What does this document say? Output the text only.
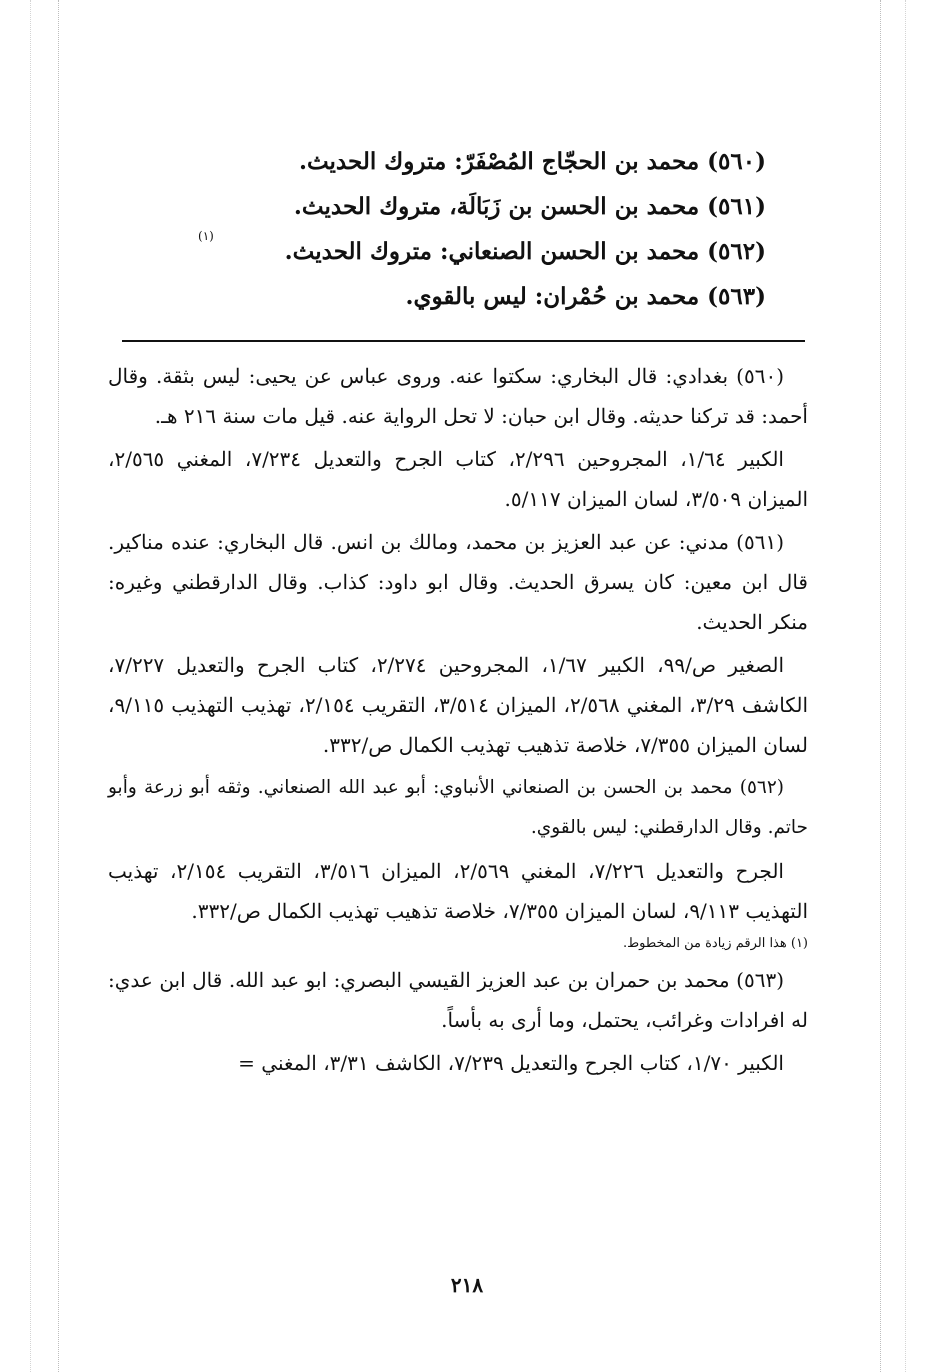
(٥٦٠) محمد بن الحجّاج المُصْفَرّ: متروك الحديث.
(٥٦١) محمد بن الحسن بن زَبَالَة، متروك الحديث.
(٥٦٢) محمد بن الحسن الصنعاني: متروك الحديث.
(١)
(٥٦٣) محمد بن حُمْران: ليس بالقوي.

(٥٦٠) بغدادي: قال البخاري: سكتوا عنه. وروى عباس عن يحيى: ليس بثقة. وقال أحمد: قد تركنا حديثه. وقال ابن حبان: لا تحل الرواية عنه. قيل مات سنة ٢١٦ هـ.

الكبير ١/٦٤، المجروحين ٢/٢٩٦، كتاب الجرح والتعديل ٧/٢٣٤، المغني ٢/٥٦٥، الميزان ٣/٥٠٩، لسان الميزان ٥/١١٧.

(٥٦١) مدني: عن عبد العزيز بن محمد، ومالك بن انس. قال البخاري: عنده مناكير. قال ابن معين: كان يسرق الحديث. وقال ابو داود: كذاب. وقال الدارقطني وغيره: منكر الحديث.

الصغير ص/٩٩، الكبير ١/٦٧، المجروحين ٢/٢٧٤، كتاب الجرح والتعديل ٧/٢٢٧، الكاشف ٣/٢٩، المغني ٢/٥٦٨، الميزان ٣/٥١٤، التقريب ٢/١٥٤، تهذيب التهذيب ٩/١١٥، لسان الميزان ٧/٣٥٥، خلاصة تذهيب تهذيب الكمال ص/٣٣٢.

(٥٦٢) محمد بن الحسن بن الصنعاني الأنباوي: أبو عبد الله الصنعاني. وثقه أبو زرعة وأبو حاتم. وقال الدارقطني: ليس بالقوي.

الجرح والتعديل ٧/٢٢٦، المغني ٢/٥٦٩، الميزان ٣/٥١٦، التقريب ٢/١٥٤، تهذيب التهذيب ٩/١١٣، لسان الميزان ٧/٣٥٥، خلاصة تذهيب تهذيب الكمال ص/٣٣٢.

(١) هذا الرقم زيادة من المخطوط.

(٥٦٣) محمد بن حمران بن عبد العزيز القيسي البصري: ابو عبد الله. قال ابن عدي: له افرادات وغرائب، يحتمل، وما أرى به بأساً.

الكبير ١/٧٠، كتاب الجرح والتعديل ٧/٢٣٩، الكاشف ٣/٣١، المغني =

٢١٨
